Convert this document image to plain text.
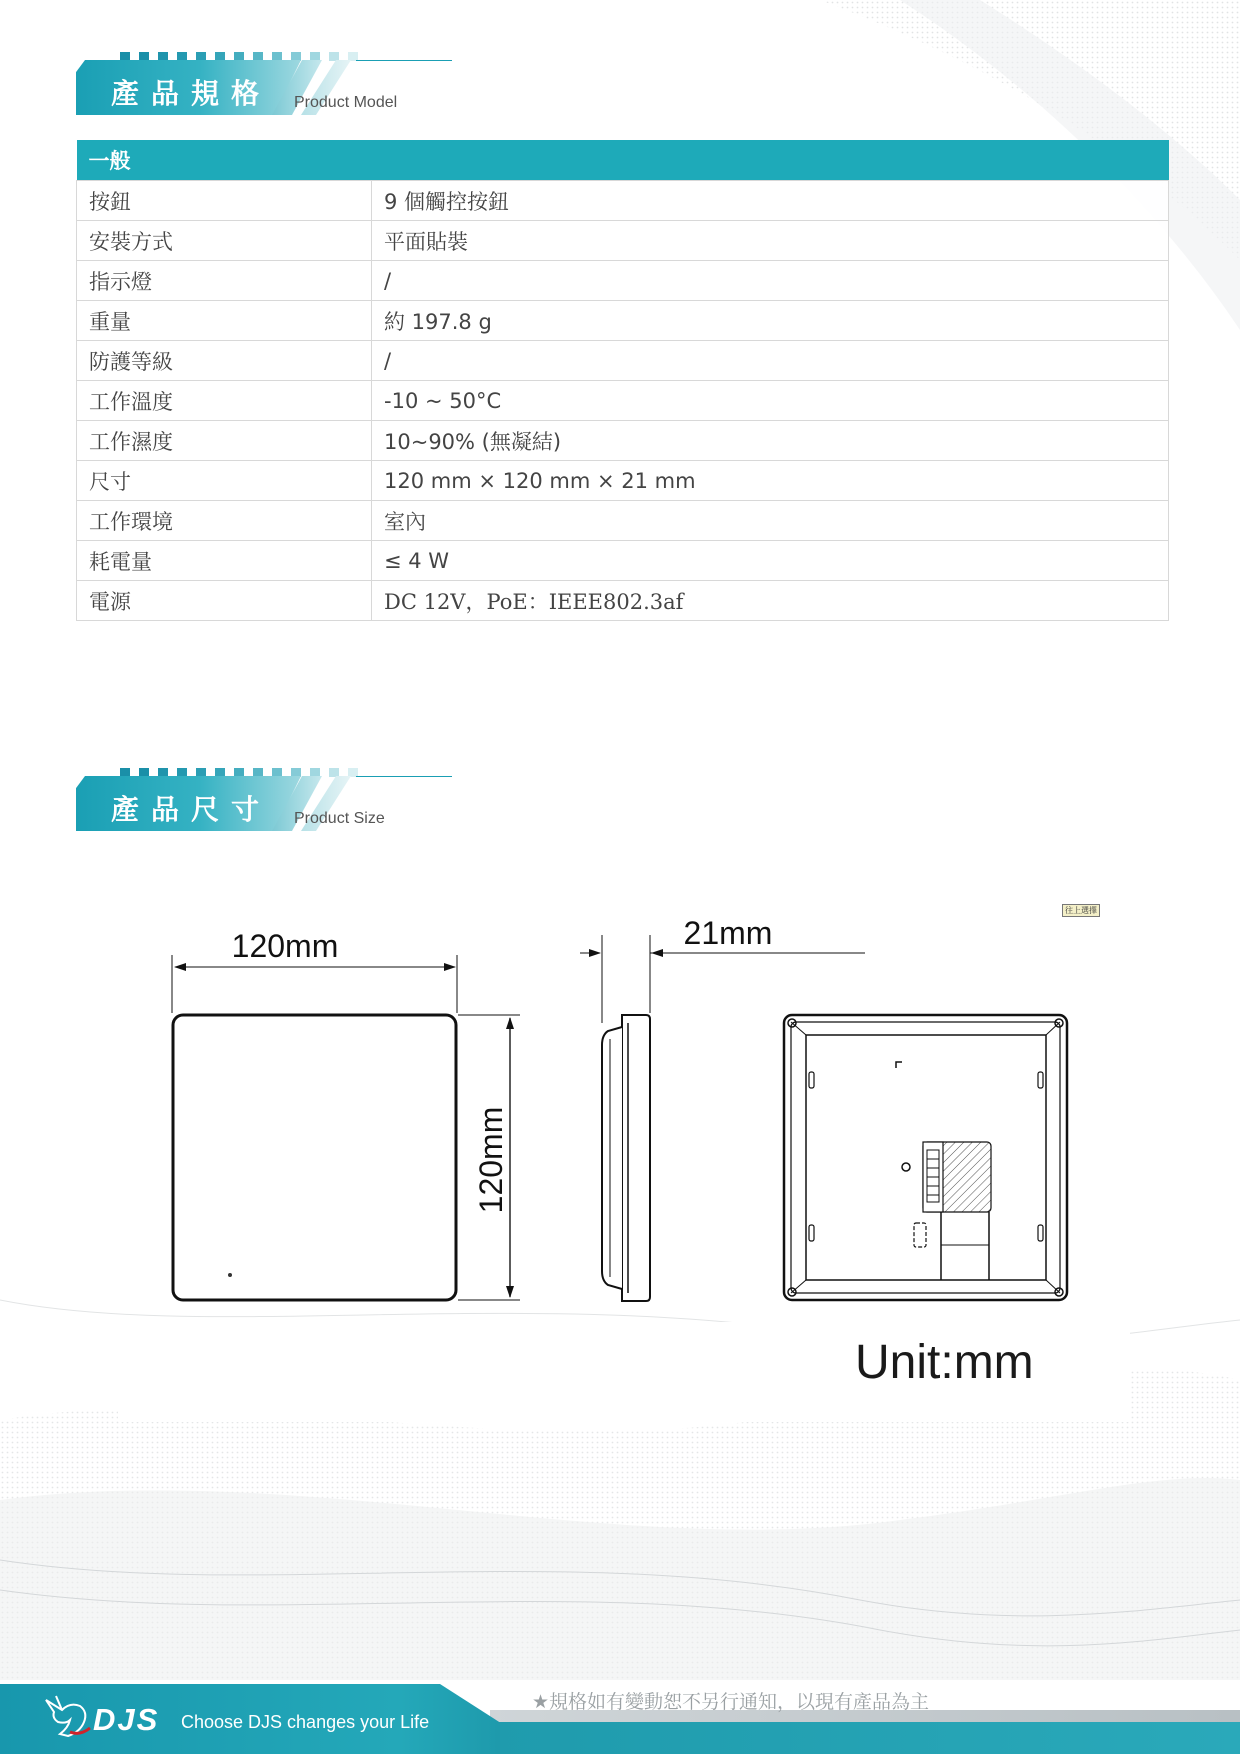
產品規格 Product Model
一般	
按鈕	9 個觸控按鈕
安裝方式	平面貼裝
指示燈	/
重量	約 197.8 g
防護等級	/
工作溫度	-10 ~ 50°C
工作濕度	10~90% (無凝結)
尺寸	120 mm × 120 mm × 21 mm
工作環境	室內
耗電量	≤ 4 W
電源	DC 12V，PoE：IEEE802.3af
產品尺寸 Product Size
120mm
120mm
21mm
往上選擇
Unit:mm
DJS Choose DJS changes your Life
★規格如有變動恕不另行通知，以現有產品為主
